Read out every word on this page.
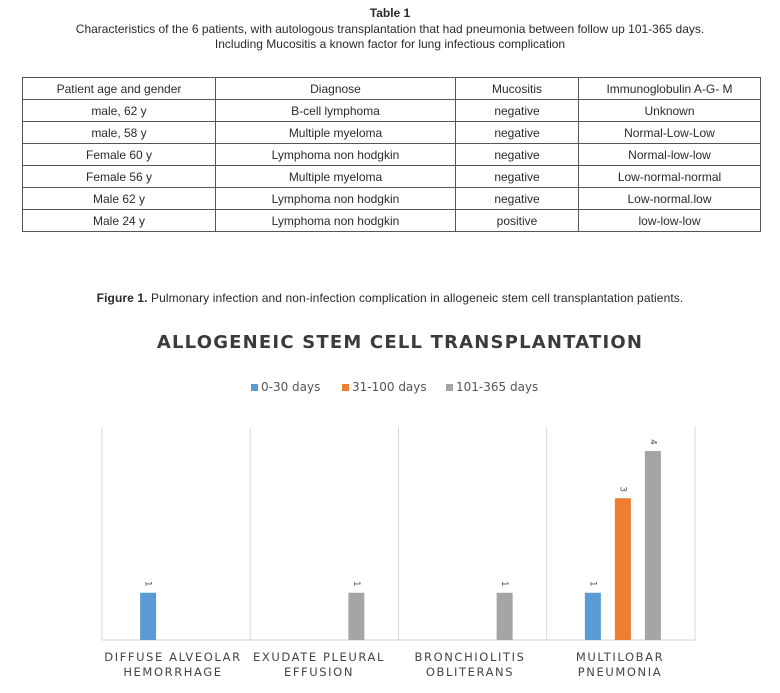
Table 1
Characteristics of the 6 patients, with autologous transplantation that had pneumonia between follow up 101-365 days.
Including Mucositis a known factor for lung infectious complication
Patient age and gender	Diagnose	Mucositis	Immunoglobulin A-G- M
male, 62 y	B-cell lymphoma	negative	Unknown
male, 58 y	Multiple myeloma	negative	Normal-Low-Low
Female 60 y	Lymphoma non hodgkin	negative	Normal-low-low
Female 56 y	Multiple myeloma	negative	Low-normal-normal
Male 62 y	Lymphoma non hodgkin	negative	Low-normal.low
Male 24 y	Lymphoma non hodgkin	positive	low-low-low
Figure 1. Pulmonary infection and non-infection complication in allogeneic stem cell transplantation patients.
ALLOGENEIC STEM CELL TRANSPLANTATION
0-30 days	31-100 days 101-365 days
1	1
3
1	1
4
DIFFUSE ALVEOLAR
HEMORRHAGE
EXUDATE PLEURAL
EFFUSION
BRONCHIOLITIS
OBLITERANS
MULTILOBAR
PNEUMONIA
